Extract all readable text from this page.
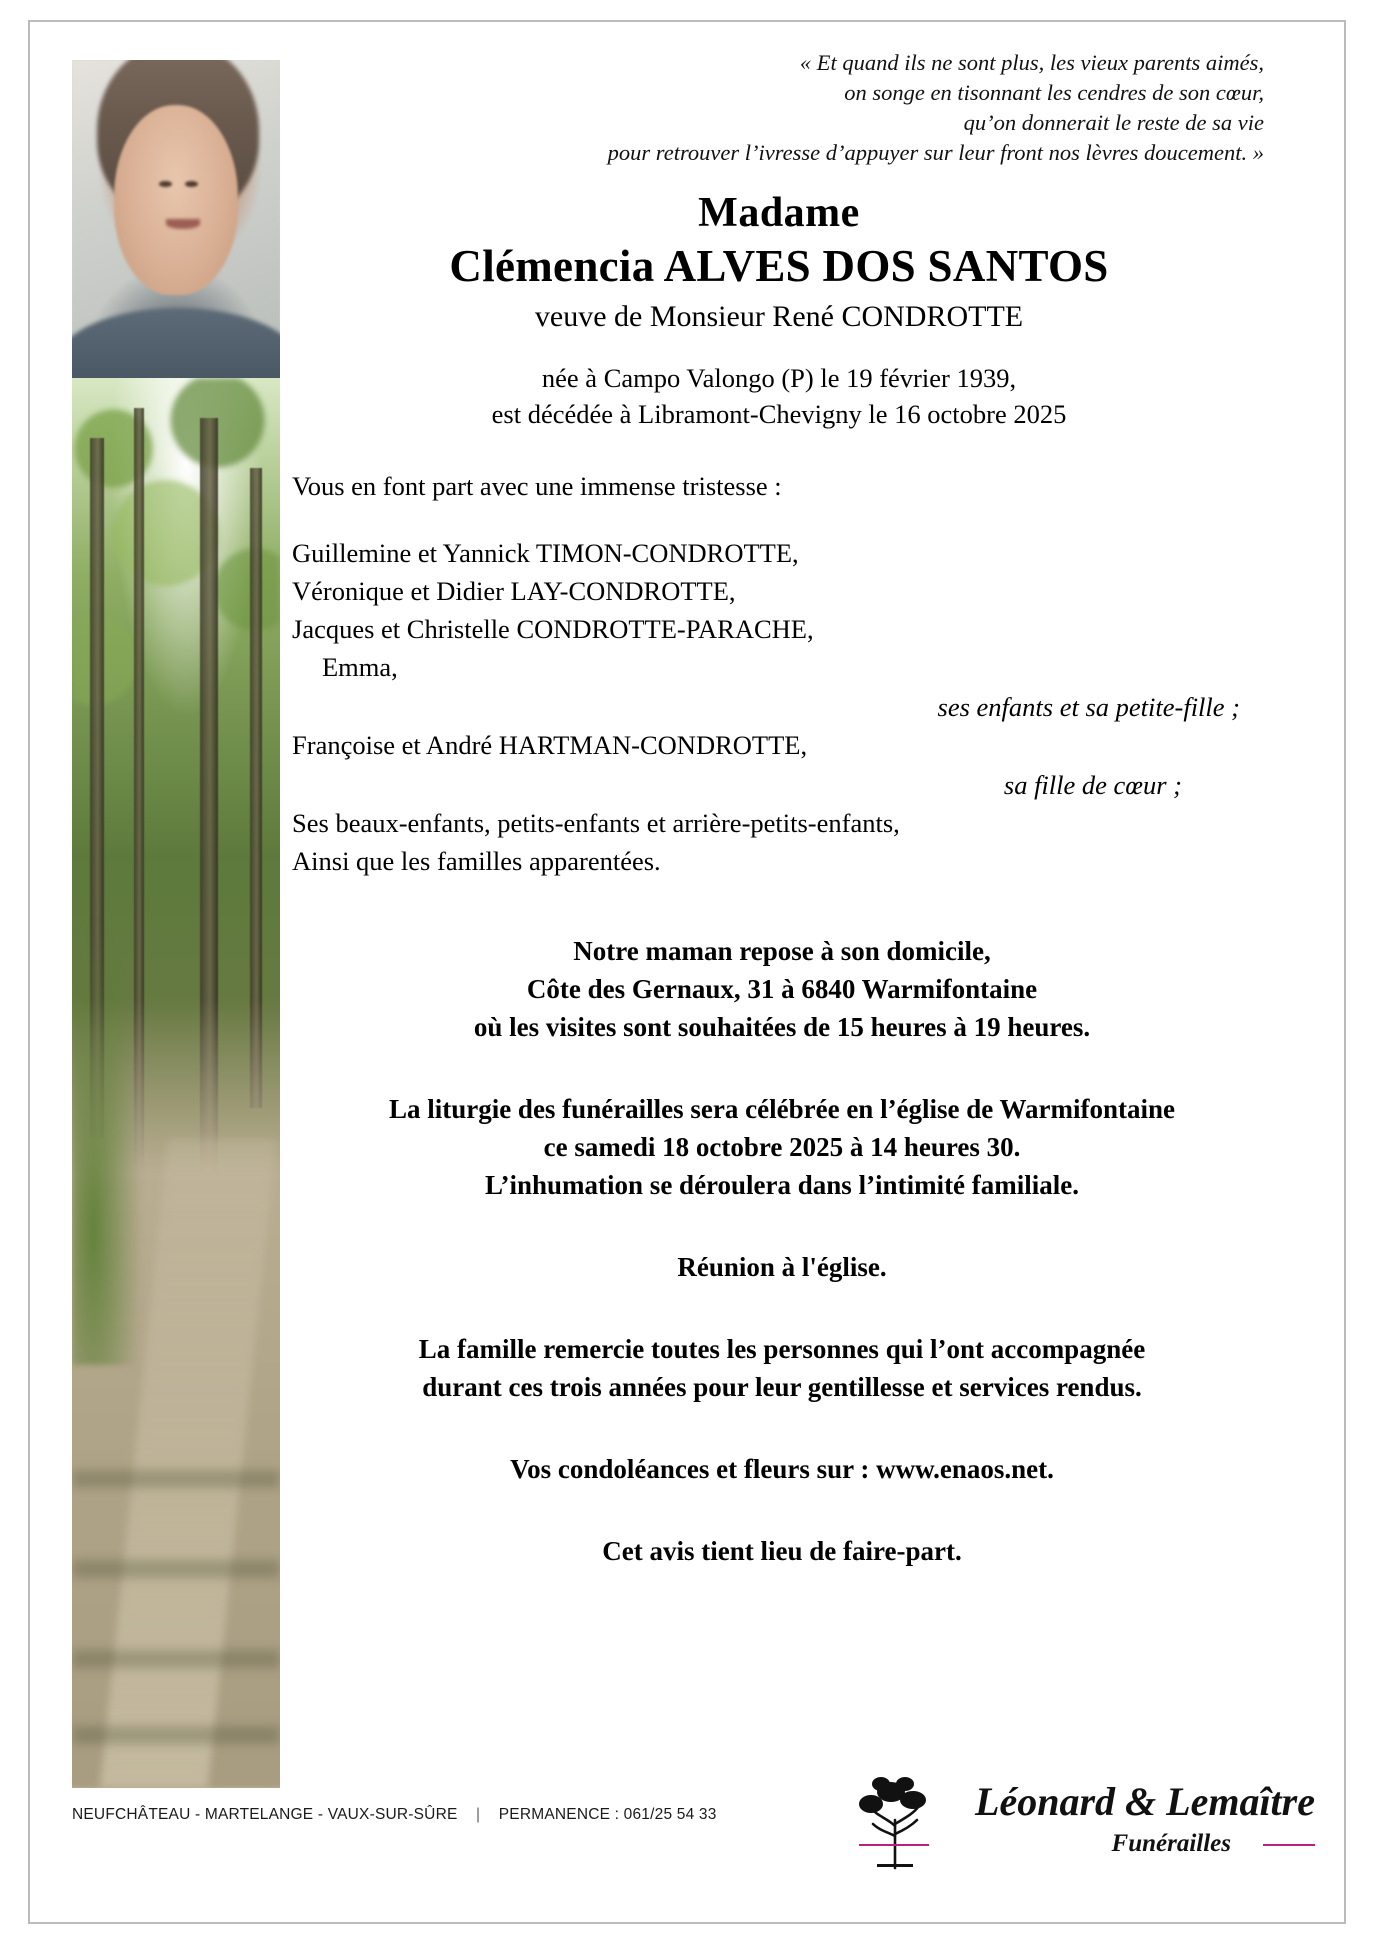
« Et quand ils ne sont plus, les vieux parents aimés,
on songe en tisonnant les cendres de son cœur,
qu’on donnerait le reste de sa vie
pour retrouver l’ivresse d’appuyer sur leur front nos lèvres doucement. »
Madame
Clémencia ALVES DOS SANTOS
veuve de Monsieur René CONDROTTE
née à Campo Valongo (P) le 19 février 1939,
est décédée à Libramont-Chevigny le 16 octobre 2025
Vous en font part avec une immense tristesse :
Guillemine et Yannick TIMON-CONDROTTE,
Véronique et Didier LAY-CONDROTTE,
Jacques et Christelle CONDROTTE-PARACHE,
Emma,
ses enfants et sa petite-fille ;
Françoise et André HARTMAN-CONDROTTE,
sa fille de cœur ;
Ses beaux-enfants, petits-enfants et arrière-petits-enfants,
Ainsi que les familles apparentées.
Notre maman repose à son domicile,
Côte des Gernaux, 31 à 6840 Warmifontaine
où les visites sont souhaitées de 15 heures à 19 heures.
La liturgie des funérailles sera célébrée en l’église de Warmifontaine
ce samedi 18 octobre 2025 à 14 heures 30.
L’inhumation se déroulera dans l’intimité familiale.
Réunion à l'église.
La famille remercie toutes les personnes qui l’ont accompagnée
durant ces trois années pour leur gentillesse et services rendus.
Vos condoléances et fleurs sur : www.enaos.net.
Cet avis tient lieu de faire-part.
NEUFCHÂTEAU - MARTELANGE - VAUX-SUR-SÛRE | PERMANENCE : 061/25 54 33	Léonard & Lemaître
Funérailles
